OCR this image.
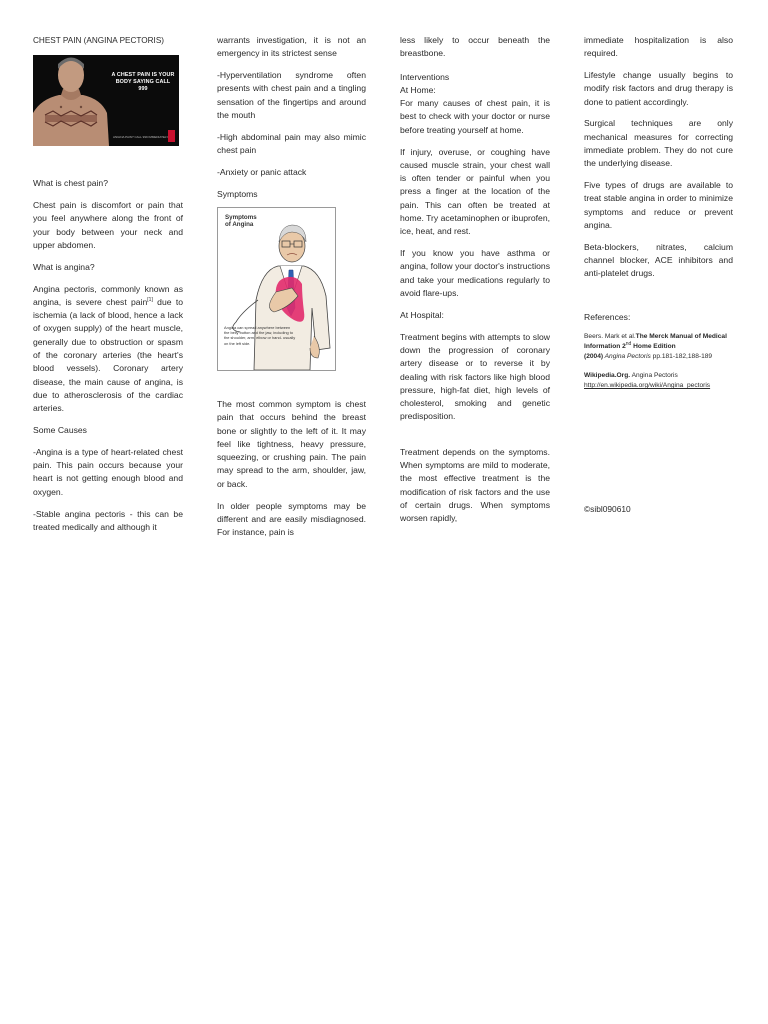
CHEST PAIN (ANGINA PECTORIS)

A CHEST PAIN IS YOUR
BODY SAYING CALL 999
ANGINA PAIN? CALL 999 IMMEDIATELY

What is chest pain?

Chest pain is discomfort or pain that you feel anywhere along the front of your body between your neck and upper abdomen.

What is angina?

Angina pectoris, commonly known as angina, is severe chest pain[1] due to ischemia (a lack of blood, hence a lack of oxygen supply) of the heart muscle, generally due to obstruction or spasm of the coronary arteries (the heart's blood vessels). Coronary artery disease, the main cause of angina, is due to atherosclerosis of the cardiac arteries.

Some Causes

-Angina is a type of heart-related chest pain. This pain occurs because your heart is not getting enough blood and oxygen.

-Stable angina pectoris - this can be treated medically and although it

warrants investigation, it is not an emergency in its strictest sense

-Hyperventilation syndrome often presents with chest pain and a tingling sensation of the fingertips and around the mouth

-High abdominal pain may also mimic chest pain

-Anxiety or panic attack

Symptoms

Symptoms
of Angina
Angina can spread anywhere between the belly button and the jaw, including to the shoulder, arm, elbow or hand- usually on the left side.

The most common symptom is chest pain that occurs behind the breast bone or slightly to the left of it. It may feel like tightness, heavy pressure, squeezing, or crushing pain. The pain may spread to the arm, shoulder, jaw, or back.

In older people symptoms may be different and are easily misdiagnosed. For instance, pain is

less likely to occur beneath the breastbone.

Interventions
At Home:

For many causes of chest pain, it is best to check with your doctor or nurse before treating yourself at home.

If injury, overuse, or coughing have caused muscle strain, your chest wall is often tender or painful when you press a finger at the location of the pain. This can often be treated at home. Try acetaminophen or ibuprofen, ice, heat, and rest.

If you know you have asthma or angina, follow your doctor's instructions and take your medications regularly to avoid flare-ups.

At Hospital:

Treatment begins with attempts to slow down the progression of coronary artery disease or to reverse it by dealing with risk factors like high blood pressure, high-fat diet, high levels of cholesterol, smoking and genetic predisposition.

Treatment depends on the symptoms. When symptoms are mild to moderate, the most effective treatment is the modification of risk factors and the use of certain drugs. When symptoms worsen rapidly,

immediate hospitalization is also required.

Lifestyle change usually begins to modify risk factors and drug therapy is done to patient accordingly.

Surgical techniques are only mechanical measures for correcting immediate problem. They do not cure the underlying disease.

Five types of drugs are available to treat stable angina in order to minimize symptoms and reduce or prevent angina.

Beta-blockers, nitrates, calcium channel blocker, ACE inhibitors and anti-platelet drugs.

References:

Beers. Mark et al.The Merck Manual of Medical Information 2nd Home Edition
(2004) Angina Pectoris pp.181-182,188-189
Wikipedia.Org. Angina Pectoris
http://en.wikipedia.org/wiki/Angina_pectoris

©sibl090610
